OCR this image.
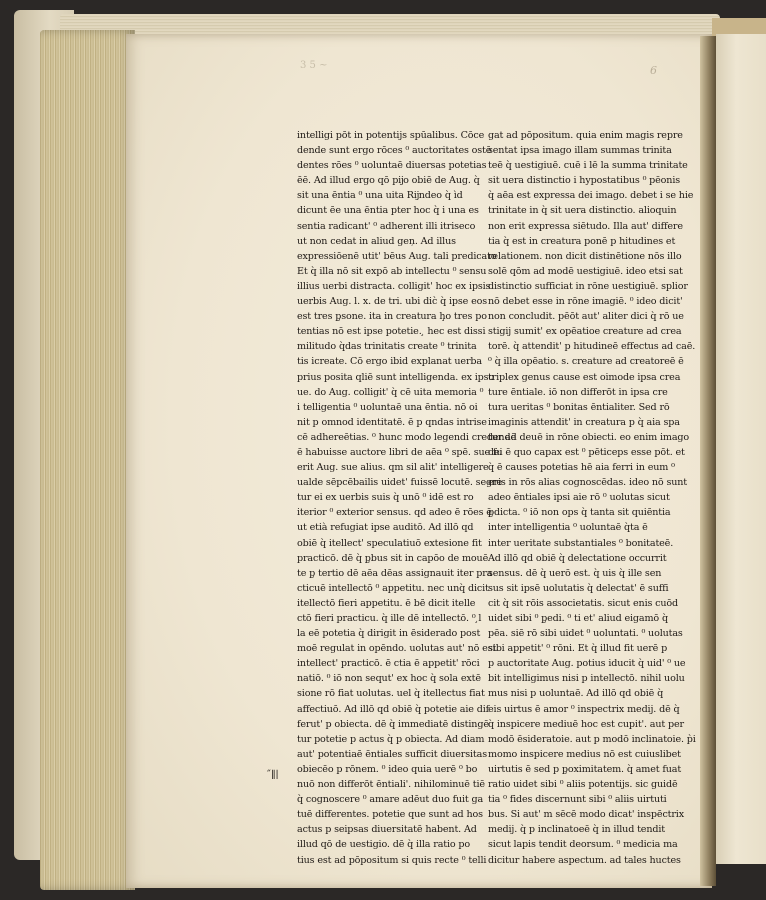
3 5 ~	6
intelligi pōt in potentijs spūalibus. Cōce
dende sunt ergo rōces ⁰ auctoritates ostē
dentes rōes ⁰ uoluntaē diuersas potetias
ēē. Ad illud ergo qō pĳo obiē de Aug. q̀
sit una ēntia ⁰ una uita Rĳndeo q̀ ìd
dicunt ēe una ēntia pter hoc q̀ i una es
sentia radicant' ⁰ adherent illi itriseco
ut non cedat in aliud geņ. Ad illus
expressiōenē utit' bēus Aug. tali predicato
Et q̀ illa nō sit expō ab intellectu ⁰ sensu
illius uerbi distracta. colligit' hoc ex ipsis
uerbis Aug. l. x. de tri. ubi dic̀ q̀ ipse eos
est tres p̧sone. ita in creatura ḩo tres po
tentias nō est ipse potetie. ̧ hec est dissi
militudo q̀das trinitatis create ⁰ trinita
tis icreate. Cō ergo ibid explanat uerba
prius posita qliē sunt intelligenda. ex ipso
ue. do Aug. colligit' q̀ cē uita memoria ⁰
i telligentia ⁰ uoluntaē una ēntia. nō oi
nit p omnod identitatē. ē p qndas intrise
cē adhereētias. ⁰ hunc modo legendi credendē
ē habuisse auctore libri de aēa ⁰ spē. sue fu
erit Aug. sue alius. qm sil alit' intelligere
ualde sēpcēbailis uidet' fuissē locutē. segre
tur ei ex uerbis suis q̀ unō ⁰ idē est ro
iterior ⁰ exterior sensus. qd adeo ē rōes ē
ut etià refugiat ipse auditō. Ad illō qd
obiē q̀ itellect' speculatiuō extesione fit
practicō. dē q̀ p̧bus sit in capōo de mouē
te p̧ tertio dē aēa dēas assignauit iter pra
cticuē intellectō ⁰ appetitu. nec unq̀ dicit
itellectō fieri appetitu. ē bē dicit itelle
ctō fieri practicu. q̀ ille dē intellectō. ⁰ ̧l
la eē potetia q̀ dirigit in ēsiderado post
moē regulat in opēndo. uolutas aut' nō est
intellect' practicō. ē ctia ē appetit' rōci
natiō. ⁰ iō non sequt' ex hoc q̀ sola extē
sione rō fiat uolutas. uel q̀ itellectus fiat
affectiuō. Ad illō qd obiē q̀ potetie aie dif
ferut' p obiecta. dē q̀ immediatē distingē
tur potetie p actus q̀ p obiecta. Ad diam
aut' potentiaē ēntiales sufficit diuersitas
obiecēo p rōnem. ⁰ ideo quia uerē ⁰ bo
nuō non differōt ēntiali'. nihilominuē tiē
q̀ cognoscere ⁰ amare adēut duo fuit ga
tuē differentes. potetie que sunt ad hos
actus p seipsas diuersitatē habent. Ad
illud qō de uestigio. dē q̀ illa ratio po
tius est ad pōpositum si quis recte ⁰ telli
gat ad pōpositum. quia enim magis repre
sentat ipsa imago illam summas trinita
teē q̀ uestigiuē. cuē i lē la summa trinitate
sit uera distinctio i hypostatibus ⁰ pēonis
q̀ aēa est expressa dei imago. debet i se hie
trinitate in q̀ sit uera distinctio. alioquin
non erit expressa siētudo. Illa aut' differe
tia q̀ est in creatura ponē p hitudines et
relationem. non dicit distinētione nōs illo
solē qōm ad modē uestigiuē. ideo etsi sat
distinctio sufficiat in rōne uestigiuē. splior
nō debet esse in rōne imagiē. ⁰ ideo dicit'
non concludit. pēōt aut' aliter dici q̀ rō ue
stigij sumit' ex opēatioe creature ad crea
torē. q̀ attendit' p hitudineē effectus ad caē.
⁰ q̀ illa opēatio. s. creature ad creatoreē ē
triplex genus cause est oimode ipsa crea
ture ēntiale. iō non differōt in ipsa cre
tura ueritas ⁰ bonitas ēntialiter. Sed rō
imaginis attendit' in creatura p q̀ aia spa
tur ad deuē in rōne obiecti. eo enim imago
dei ē quo capax est ⁰ pēticeps esse pōt. et
q̀ ē causes potetias hē aia ferri in eum ⁰
eris in rōs alias cognoscēdas. ideo nō sunt
adeo ēntiales ipsi aie rō ⁰ uolutas sicut
p̧dicta. ⁰ iō non ops q̀ tanta sit quiēntia
inter intelligentia ⁰ uoluntaē q̀ta ē
inter ueritate substantiales ⁰ bonitateē.
Ad illō qd obiē q̀ delectatione occurrit
sensus. dē q̀ uerō est. q̀ uis q̀ ille sen
sus sit ipsē uolutatis q̀ delectat' ē suffi
cit q̀ sit rōis associetatis. sicut enis cuōd
uidet sibi ⁰ p̧edi. ⁰ ti et' aliud eigamō q̀
pēa. siē rō sibi uidet ⁰ uoluntati. ⁰ uolutas
sibi appetit' ⁰ rōni. Et q̀ illud fit uerē p
p auctoritate Aug. potius iducit q̀ uid' ⁰ ue
bit intelligimus nisi p intellectō. nihil uolu
mus nisi p uoluntaē. Ad illō qd obiē q̀
eis uirtus ē amor ⁰ inspectrix medij. dē q̀
q̀ inspicere mediuē hoc est cupit'. aut per
modō ēsideratoie. aut p modō inclinatoie. p̀i
momo inspicere medius nō est cuiuslibet
uirtutis ē sed p p̧oximitatem. q̀ amet fuat
ratio uidet sibi ⁰ aliis potentijs. sic guidē
tia ⁰ fides discernunt sibi ⁰ aliis uirtuti
bus. Si aut' m sēcē modo dicat' inspēctrix
medij. q̀ p inclinatoeē q̀ in illud tendit
sicut lapis tendit deorsum. ⁰ medicia ma
dicitur habere aspectum. ad tales huctes
˝∥∣
